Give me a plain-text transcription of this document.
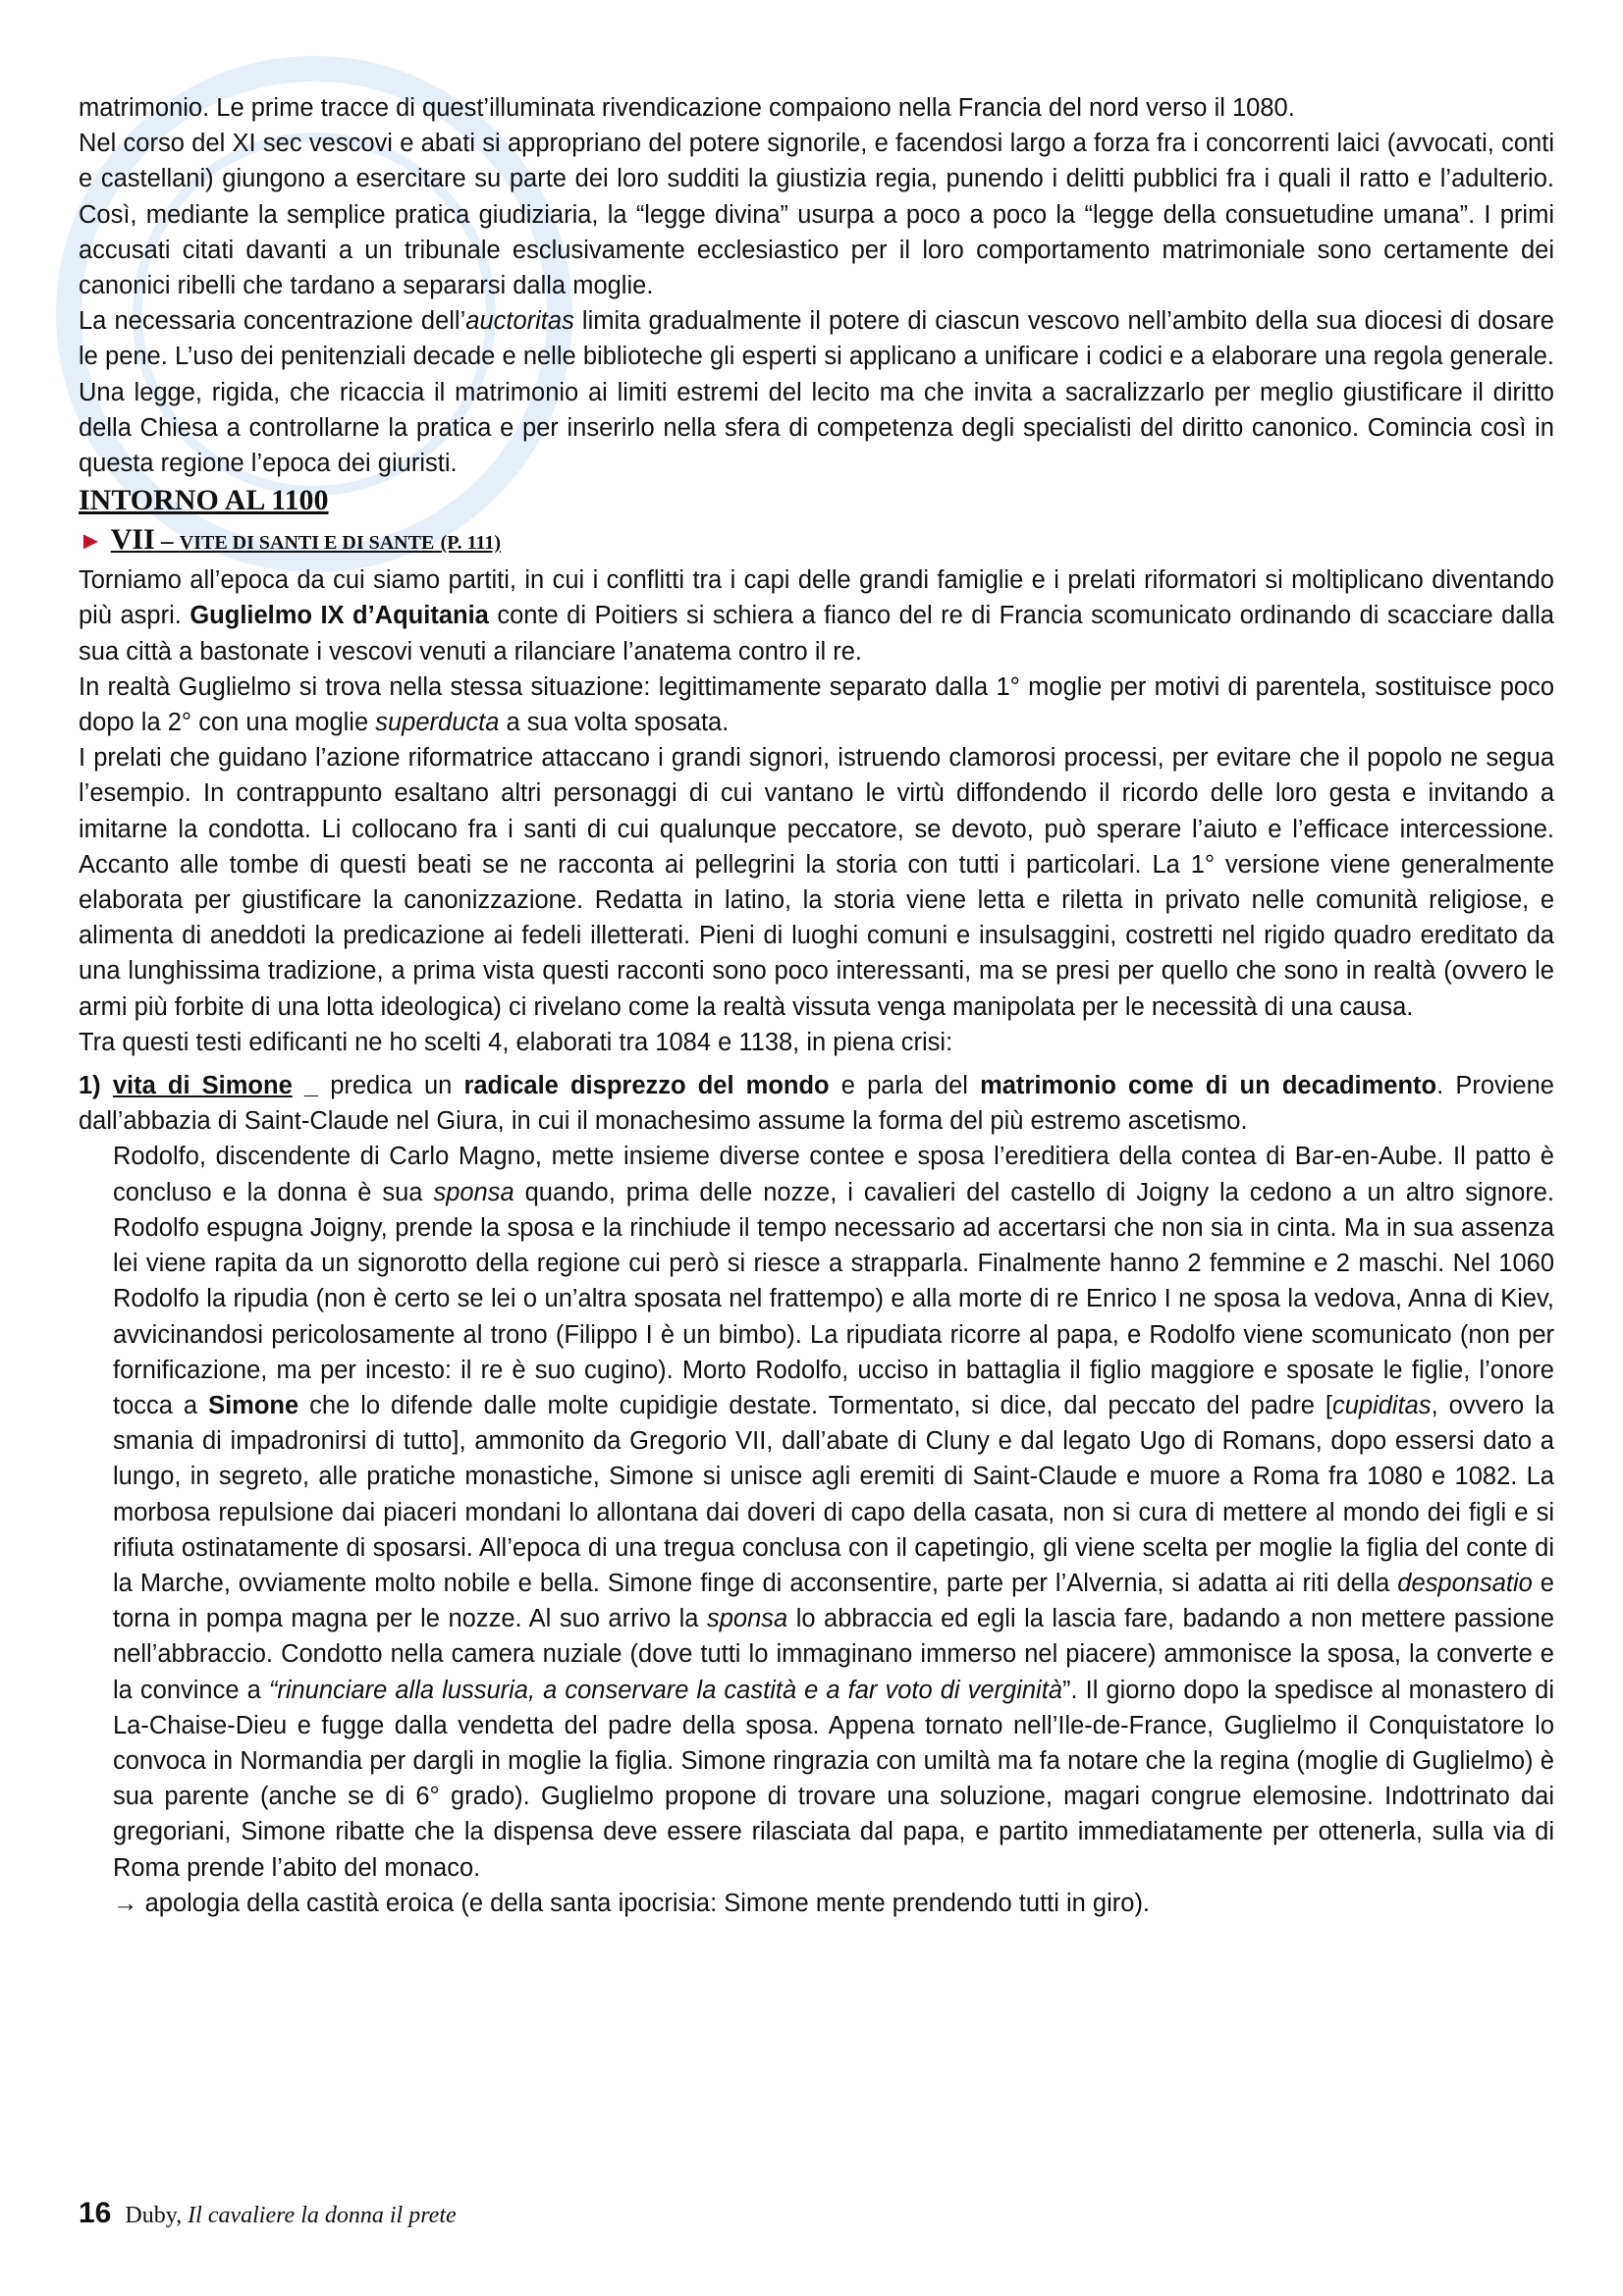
matrimonio. Le prime tracce di quest’illuminata rivendicazione compaiono nella Francia del nord verso il 1080.

Nel corso del XI sec vescovi e abati si appropriano del potere signorile, e facendosi largo a forza fra i concorrenti laici (avvocati, conti e castellani) giungono a esercitare su parte dei loro sudditi la giustizia regia, punendo i delitti pubblici fra i quali il ratto e l’adulterio. Così, mediante la semplice pratica giudiziaria, la “legge divina” usurpa a poco a poco la “legge della consuetudine umana”. I primi accusati citati davanti a un tribunale esclusivamente ecclesiastico per il loro comportamento matrimoniale sono certamente dei canonici ribelli che tardano a separarsi dalla moglie.

La necessaria concentrazione dell’auctoritas limita gradualmente il potere di ciascun vescovo nell’ambito della sua diocesi di dosare le pene. L’uso dei penitenziali decade e nelle biblioteche gli esperti si applicano a unificare i codici e a elaborare una regola generale. Una legge, rigida, che ricaccia il matrimonio ai limiti estremi del lecito ma che invita a sacralizzarlo per meglio giustificare il diritto della Chiesa a controllarne la pratica e per inserirlo nella sfera di competenza degli specialisti del diritto canonico. Comincia così in questa regione l’epoca dei giuristi.

INTORNO AL 1100

► VII – VITE DI SANTI E DI SANTE (P. 111)

Torniamo all’epoca da cui siamo partiti, in cui i conflitti tra i capi delle grandi famiglie e i prelati riformatori si moltiplicano diventando più aspri. Guglielmo IX d’Aquitania conte di Poitiers si schiera a fianco del re di Francia scomunicato ordinando di scacciare dalla sua città a bastonate i vescovi venuti a rilanciare l’anatema contro il re.

In realtà Guglielmo si trova nella stessa situazione: legittimamente separato dalla 1° moglie per motivi di parentela, sostituisce poco dopo la 2° con una moglie superducta a sua volta sposata.

I prelati che guidano l’azione riformatrice attaccano i grandi signori, istruendo clamorosi processi, per evitare che il popolo ne segua l’esempio. In contrappunto esaltano altri personaggi di cui vantano le virtù diffondendo il ricordo delle loro gesta e invitando a imitarne la condotta. Li collocano fra i santi di cui qualunque peccatore, se devoto, può sperare l’aiuto e l’efficace intercessione. Accanto alle tombe di questi beati se ne racconta ai pellegrini la storia con tutti i particolari. La 1° versione viene generalmente elaborata per giustificare la canonizzazione. Redatta in latino, la storia viene letta e riletta in privato nelle comunità religiose, e alimenta di aneddoti la predicazione ai fedeli illetterati. Pieni di luoghi comuni e insulsaggini, costretti nel rigido quadro ereditato da una lunghissima tradizione, a prima vista questi racconti sono poco interessanti, ma se presi per quello che sono in realtà (ovvero le armi più forbite di una lotta ideologica) ci rivelano come la realtà vissuta venga manipolata per le necessità di una causa.

Tra questi testi edificanti ne ho scelti 4, elaborati tra 1084 e 1138, in piena crisi:

1) vita di Simone _ predica un radicale disprezzo del mondo e parla del matrimonio come di un decadimento. Proviene dall’abbazia di Saint-Claude nel Giura, in cui il monachesimo assume la forma del più estremo ascetismo.

Rodolfo, discendente di Carlo Magno, mette insieme diverse contee e sposa l’ereditiera della contea di Bar-en-Aube. Il patto è concluso e la donna è sua sponsa quando, prima delle nozze, i cavalieri del castello di Joigny la cedono a un altro signore. Rodolfo espugna Joigny, prende la sposa e la rinchiude il tempo necessario ad accertarsi che non sia in cinta. Ma in sua assenza lei viene rapita da un signorotto della regione cui però si riesce a strapparla. Finalmente hanno 2 femmine e 2 maschi. Nel 1060 Rodolfo la ripudia (non è certo se lei o un’altra sposata nel frattempo) e alla morte di re Enrico I ne sposa la vedova, Anna di Kiev, avvicinandosi pericolosamente al trono (Filippo I è un bimbo). La ripudiata ricorre al papa, e Rodolfo viene scomunicato (non per fornificazione, ma per incesto: il re è suo cugino). Morto Rodolfo, ucciso in battaglia il figlio maggiore e sposate le figlie, l’onore tocca a Simone che lo difende dalle molte cupidigie destate. Tormentato, si dice, dal peccato del padre [cupiditas, ovvero la smania di impadronirsi di tutto], ammonito da Gregorio VII, dall’abate di Cluny e dal legato Ugo di Romans, dopo essersi dato a lungo, in segreto, alle pratiche monastiche, Simone si unisce agli eremiti di Saint-Claude e muore a Roma fra 1080 e 1082. La morbosa repulsione dai piaceri mondani lo allontana dai doveri di capo della casata, non si cura di mettere al mondo dei figli e si rifiuta ostinatamente di sposarsi. All’epoca di una tregua conclusa con il capetingio, gli viene scelta per moglie la figlia del conte di la Marche, ovviamente molto nobile e bella. Simone finge di acconsentire, parte per l’Alvernia, si adatta ai riti della desponsatio e torna in pompa magna per le nozze. Al suo arrivo la sponsa lo abbraccia ed egli la lascia fare, badando a non mettere passione nell’abbraccio. Condotto nella camera nuziale (dove tutti lo immaginano immerso nel piacere) ammonisce la sposa, la converte e la convince a “rinunciare alla lussuria, a conservare la castità e a far voto di verginità”. Il giorno dopo la spedisce al monastero di La-Chaise-Dieu e fugge dalla vendetta del padre della sposa. Appena tornato nell’Ile-de-France, Guglielmo il Conquistatore lo convoca in Normandia per dargli in moglie la figlia. Simone ringrazia con umiltà ma fa notare che la regina (moglie di Guglielmo) è sua parente (anche se di 6° grado). Guglielmo propone di trovare una soluzione, magari congrue elemosine. Indottrinato dai gregoriani, Simone ribatte che la dispensa deve essere rilasciata dal papa, e partito immediatamente per ottenerla, sulla via di Roma prende l’abito del monaco.

→ apologia della castità eroica (e della santa ipocrisia: Simone mente prendendo tutti in giro).

16 Duby, Il cavaliere la donna il prete
